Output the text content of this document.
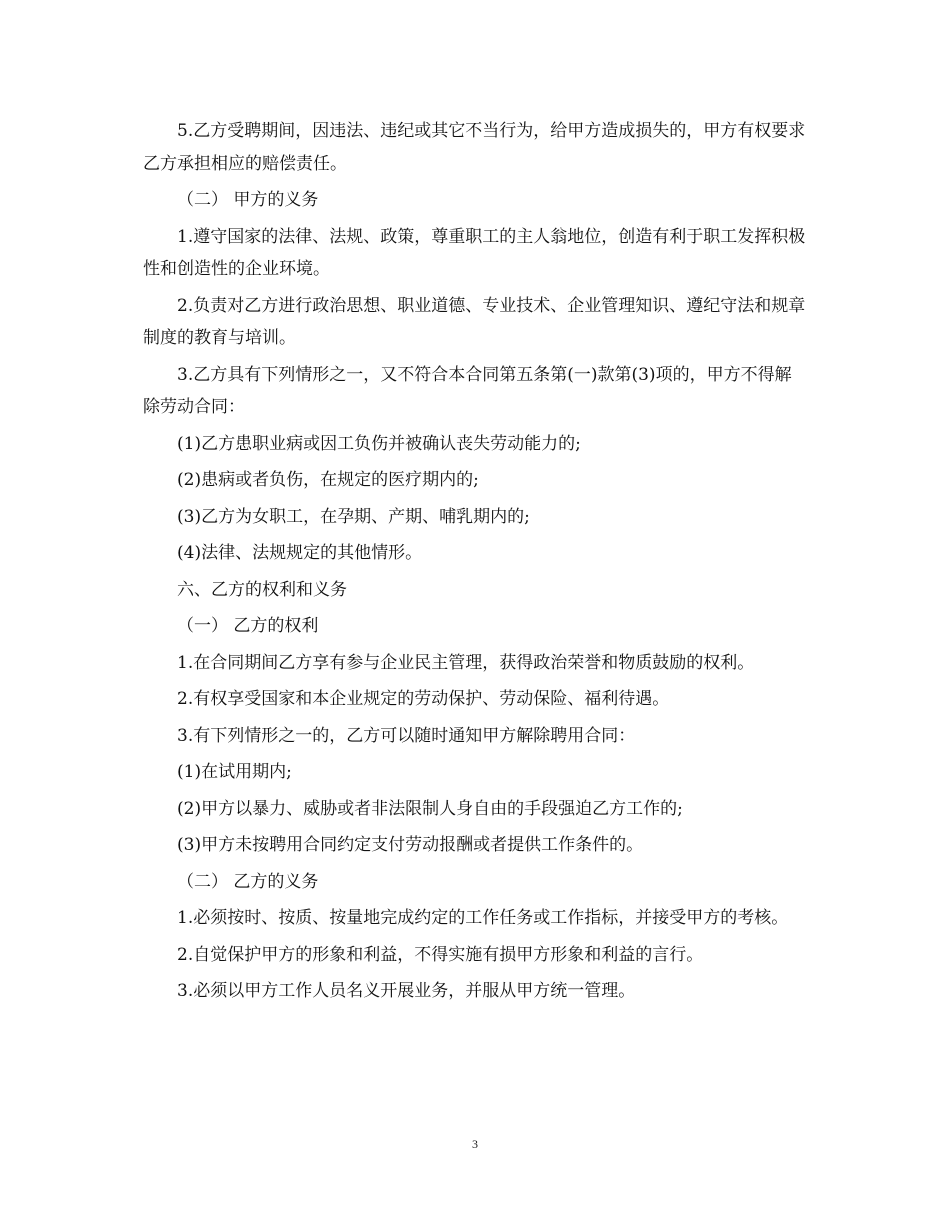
5.乙方受聘期间，因违法、违纪或其它不当行为，给甲方造成损失的，甲方有权要求乙方承担相应的赔偿责任。

（二） 甲方的义务

1.遵守国家的法律、法规、政策，尊重职工的主人翁地位，创造有利于职工发挥积极性和创造性的企业环境。

2.负责对乙方进行政治思想、职业道德、专业技术、企业管理知识、遵纪守法和规章制度的教育与培训。

3.乙方具有下列情形之一，又不符合本合同第五条第(一)款第(3)项的，甲方不得解除劳动合同：

(1)乙方患职业病或因工负伤并被确认丧失劳动能力的;

(2)患病或者负伤，在规定的医疗期内的;

(3)乙方为女职工，在孕期、产期、哺乳期内的;

(4)法律、法规规定的其他情形。

六、乙方的权利和义务

（一） 乙方的权利

1.在合同期间乙方享有参与企业民主管理，获得政治荣誉和物质鼓励的权利。

2.有权享受国家和本企业规定的劳动保护、劳动保险、福利待遇。

3.有下列情形之一的，乙方可以随时通知甲方解除聘用合同：

(1)在试用期内;

(2)甲方以暴力、威胁或者非法限制人身自由的手段强迫乙方工作的;

(3)甲方未按聘用合同约定支付劳动报酬或者提供工作条件的。

（二） 乙方的义务

1.必须按时、按质、按量地完成约定的工作任务或工作指标，并接受甲方的考核。

2.自觉保护甲方的形象和利益，不得实施有损甲方形象和利益的言行。

3.必须以甲方工作人员名义开展业务，并服从甲方统一管理。

3
